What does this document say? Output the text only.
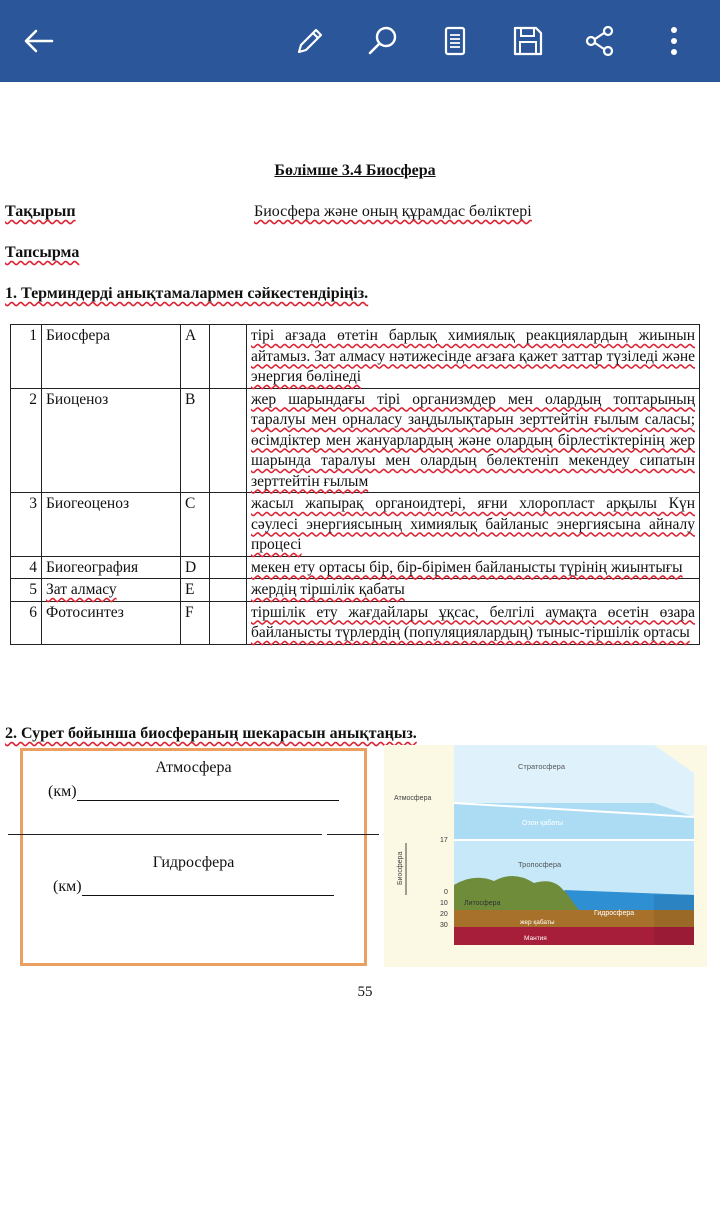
Бөлімше 3.4 Биосфера
Тақырып	Биосфера және оның құрамдас бөліктері
Тапсырма
1. Терминдерді анықтамалармен сәйкестендіріңіз.
1	Биосфера	A		тірі ағзада өтетін барлық химиялық реакциялардың жиынын айтамыз. Зат алмасу нәтижесінде ағзаға қажет заттар түзіледі және энергия бөлінеді
2	Биоценоз	B		жер шарындағы тірі организмдер мен олардың топтарының таралуы мен орналасу заңдылықтарын зерттейтін ғылым саласы; өсімдіктер мен жануарлардың және олардың бірлестіктерінің жер шарында таралуы мен олардың бөлектеніп мекендеу сипатын зерттейтін ғылым
3	Биогеоценоз	C		жасыл жапырақ органоидтері, яғни хлоропласт арқылы Күн сәулесі энергиясының химиялық байланыс энергиясына айналу процесі
4	Биогеография	D		мекен ету ортасы бір, бір-бірімен байланысты түрінің жиынтығы
5	Зат алмасу	E		жердің тіршілік қабаты
6	Фотосинтез	F		тіршілік ету жағдайлары ұқсас, белгілі аумақта өсетін өзара байланысты түрлердің (популяциялардың) тыныс-тіршілік ортасы
2. Сурет бойынша биосфераның шекарасын анықтаңыз.
Атмосфера
(км)
Гидросфера
(км)
Стратосфера
Озон қабаты
Тропосфера
Атмосфера
Биосфера
Литосфера
Гидросфера
жер қабаты
Мантия
17
0
10
20
30
55
